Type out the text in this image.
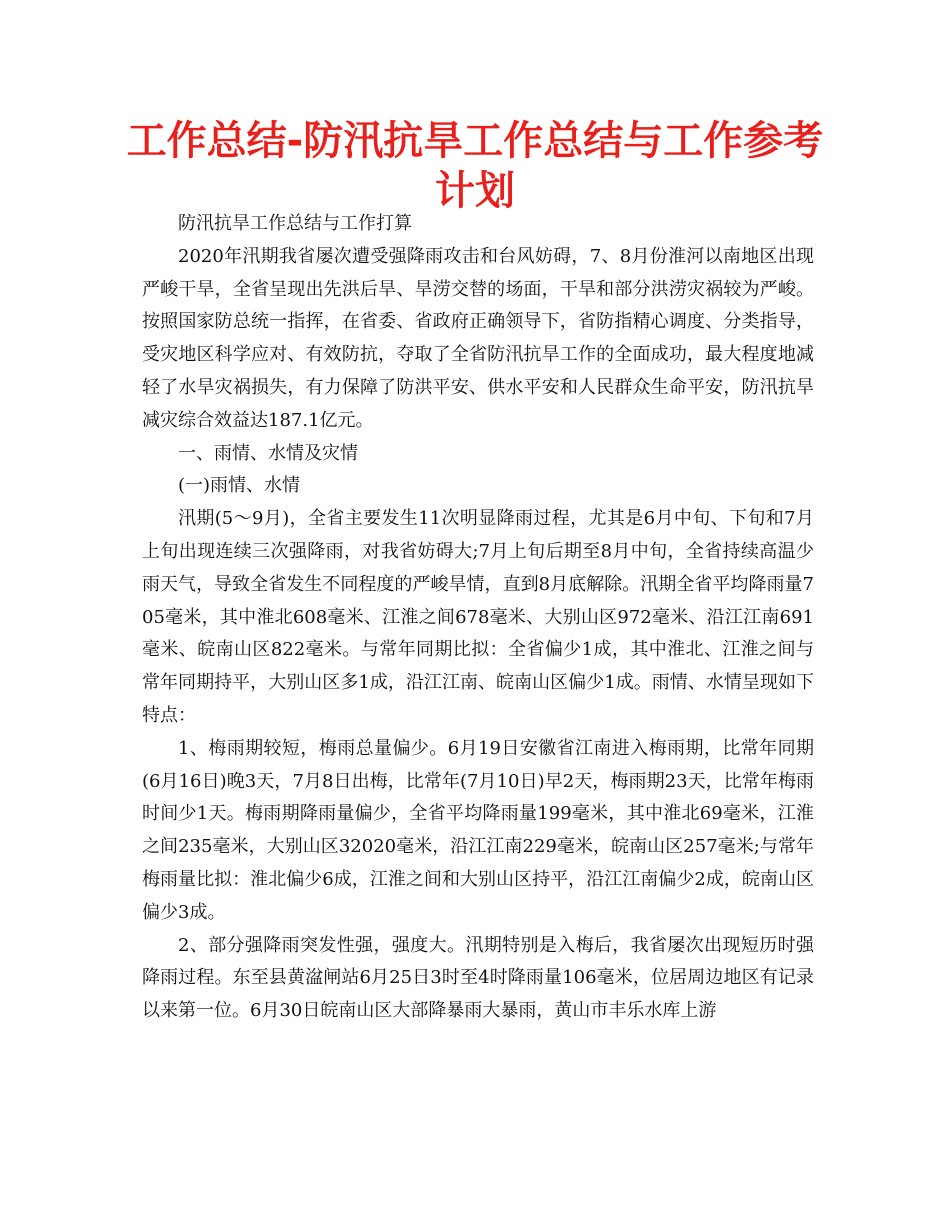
工作总结-防汛抗旱工作总结与工作参考计划

防汛抗旱工作总结与工作打算

2020年汛期我省屡次遭受强降雨攻击和台风妨碍，7、8月份淮河以南地区出现严峻干旱，全省呈现出先洪后旱、旱涝交替的场面，干旱和部分洪涝灾祸较为严峻。按照国家防总统一指挥，在省委、省政府正确领导下，省防指精心调度、分类指导，受灾地区科学应对、有效防抗，夺取了全省防汛抗旱工作的全面成功，最大程度地减轻了水旱灾祸损失，有力保障了防洪平安、供水平安和人民群众生命平安，防汛抗旱减灾综合效益达187.1亿元。

一、雨情、水情及灾情

(一)雨情、水情

汛期(5～9月)，全省主要发生11次明显降雨过程，尤其是6月中旬、下旬和7月上旬出现连续三次强降雨，对我省妨碍大;7月上旬后期至8月中旬，全省持续高温少雨天气，导致全省发生不同程度的严峻旱情，直到8月底解除。汛期全省平均降雨量705毫米，其中淮北608毫米、江淮之间678毫米、大别山区972毫米、沿江江南691毫米、皖南山区822毫米。与常年同期比拟：全省偏少1成，其中淮北、江淮之间与常年同期持平，大别山区多1成，沿江江南、皖南山区偏少1成。雨情、水情呈现如下特点：

1、梅雨期较短，梅雨总量偏少。6月19日安徽省江南进入梅雨期，比常年同期(6月16日)晚3天，7月8日出梅，比常年(7月10日)早2天，梅雨期23天，比常年梅雨时间少1天。梅雨期降雨量偏少，全省平均降雨量199毫米，其中淮北69毫米，江淮之间235毫米，大别山区32020毫米，沿江江南229毫米，皖南山区257毫米;与常年梅雨量比拟：淮北偏少6成，江淮之间和大别山区持平，沿江江南偏少2成，皖南山区偏少3成。

2、部分强降雨突发性强，强度大。汛期特别是入梅后，我省屡次出现短历时强降雨过程。东至县黄湓闸站6月25日3时至4时降雨量106毫米，位居周边地区有记录以来第一位。6月30日皖南山区大部降暴雨大暴雨，黄山市丰乐水库上游
